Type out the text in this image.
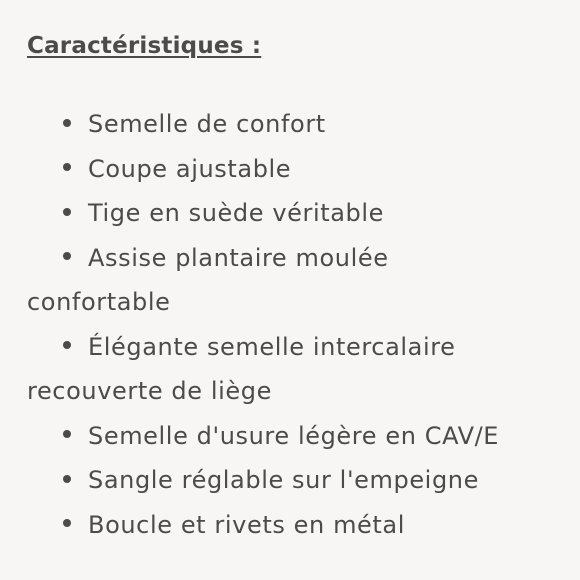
Caractéristiques :
Semelle de confort
Coupe ajustable
Tige en suède véritable
Assise plantaire moulée
confortable
Élégante semelle intercalaire
recouverte de liège
Semelle d'usure légère en CAV/E
Sangle réglable sur l'empeigne
Boucle et rivets en métal
